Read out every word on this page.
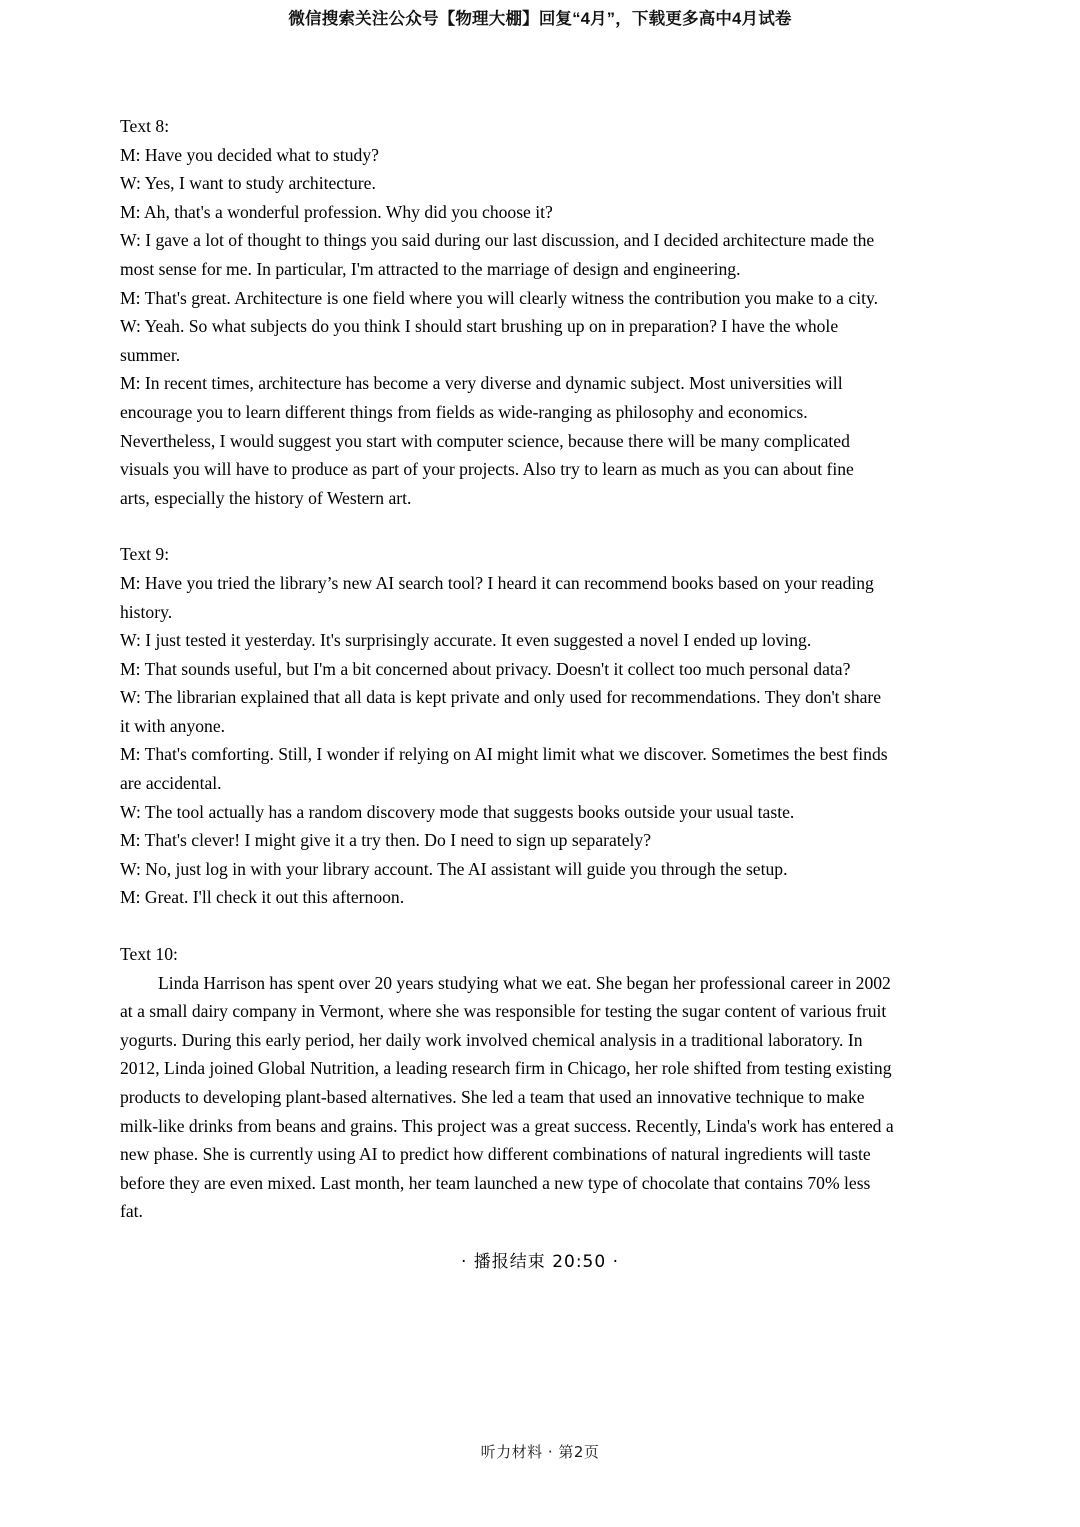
微信搜索关注公众号【物理大棚】回复“4月”，下载更多高中4月试卷
Text 8:
M: Have you decided what to study?
W: Yes, I want to study architecture.
M: Ah, that's a wonderful profession. Why did you choose it?
W: I gave a lot of thought to things you said during our last discussion, and I decided architecture made the
most sense for me. In particular, I'm attracted to the marriage of design and engineering.
M: That's great. Architecture is one field where you will clearly witness the contribution you make to a city.
W: Yeah. So what subjects do you think I should start brushing up on in preparation? I have the whole
summer.
M: In recent times, architecture has become a very diverse and dynamic subject. Most universities will
encourage you to learn different things from fields as wide-ranging as philosophy and economics.
Nevertheless, I would suggest you start with computer science, because there will be many complicated
visuals you will have to produce as part of your projects. Also try to learn as much as you can about fine
arts, especially the history of Western art.
Text 9:
M: Have you tried the library’s new AI search tool? I heard it can recommend books based on your reading
history.
W: I just tested it yesterday. It's surprisingly accurate. It even suggested a novel I ended up loving.
M: That sounds useful, but I'm a bit concerned about privacy. Doesn't it collect too much personal data?
W: The librarian explained that all data is kept private and only used for recommendations. They don't share
it with anyone.
M: That's comforting. Still, I wonder if relying on AI might limit what we discover. Sometimes the best finds
are accidental.
W: The tool actually has a random discovery mode that suggests books outside your usual taste.
M: That's clever! I might give it a try then. Do I need to sign up separately?
W: No, just log in with your library account. The AI assistant will guide you through the setup.
M: Great. I'll check it out this afternoon.
Text 10:
Linda Harrison has spent over 20 years studying what we eat. She began her professional career in 2002
at a small dairy company in Vermont, where she was responsible for testing the sugar content of various fruit
yogurts. During this early period, her daily work involved chemical analysis in a traditional laboratory. In
2012, Linda joined Global Nutrition, a leading research firm in Chicago, her role shifted from testing existing
products to developing plant-based alternatives. She led a team that used an innovative technique to make
milk-like drinks from beans and grains. This project was a great success. Recently, Linda's work has entered a
new phase. She is currently using AI to predict how different combinations of natural ingredients will taste
before they are even mixed. Last month, her team launched a new type of chocolate that contains 70% less
fat.
· 播报结束 20:50 ·
听力材料 · 第2页
